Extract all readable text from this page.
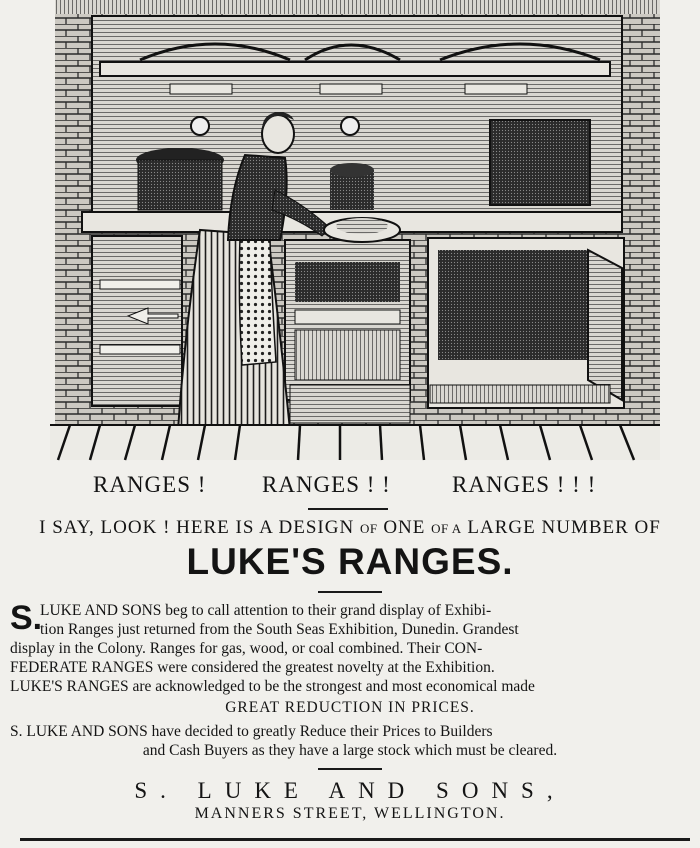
RANGES ! RANGES ! !	RANGES ! ! !
I SAY, LOOK ! HERE IS A DESIGN OF ONE OF A LARGE NUMBER OF
LUKE'S RANGES.
S.
LUKE AND SONS beg to call attention to their grand display of Exhibi-
tion Ranges just returned from the South Seas Exhibition, Dunedin. Grandest
display in the Colony. Ranges for gas, wood, or coal combined. Their CON-
FEDERATE RANGES were considered the greatest novelty at the Exhibition.
LUKE'S RANGES are acknowledged to be the strongest and most economical made
GREAT REDUCTION IN PRICES.
S. LUKE AND SONS have decided to greatly Reduce their Prices to Builders
and Cash Buyers as they have a large stock which must be cleared.
S. LUKE AND SONS,
MANNERS STREET, WELLINGTON.
